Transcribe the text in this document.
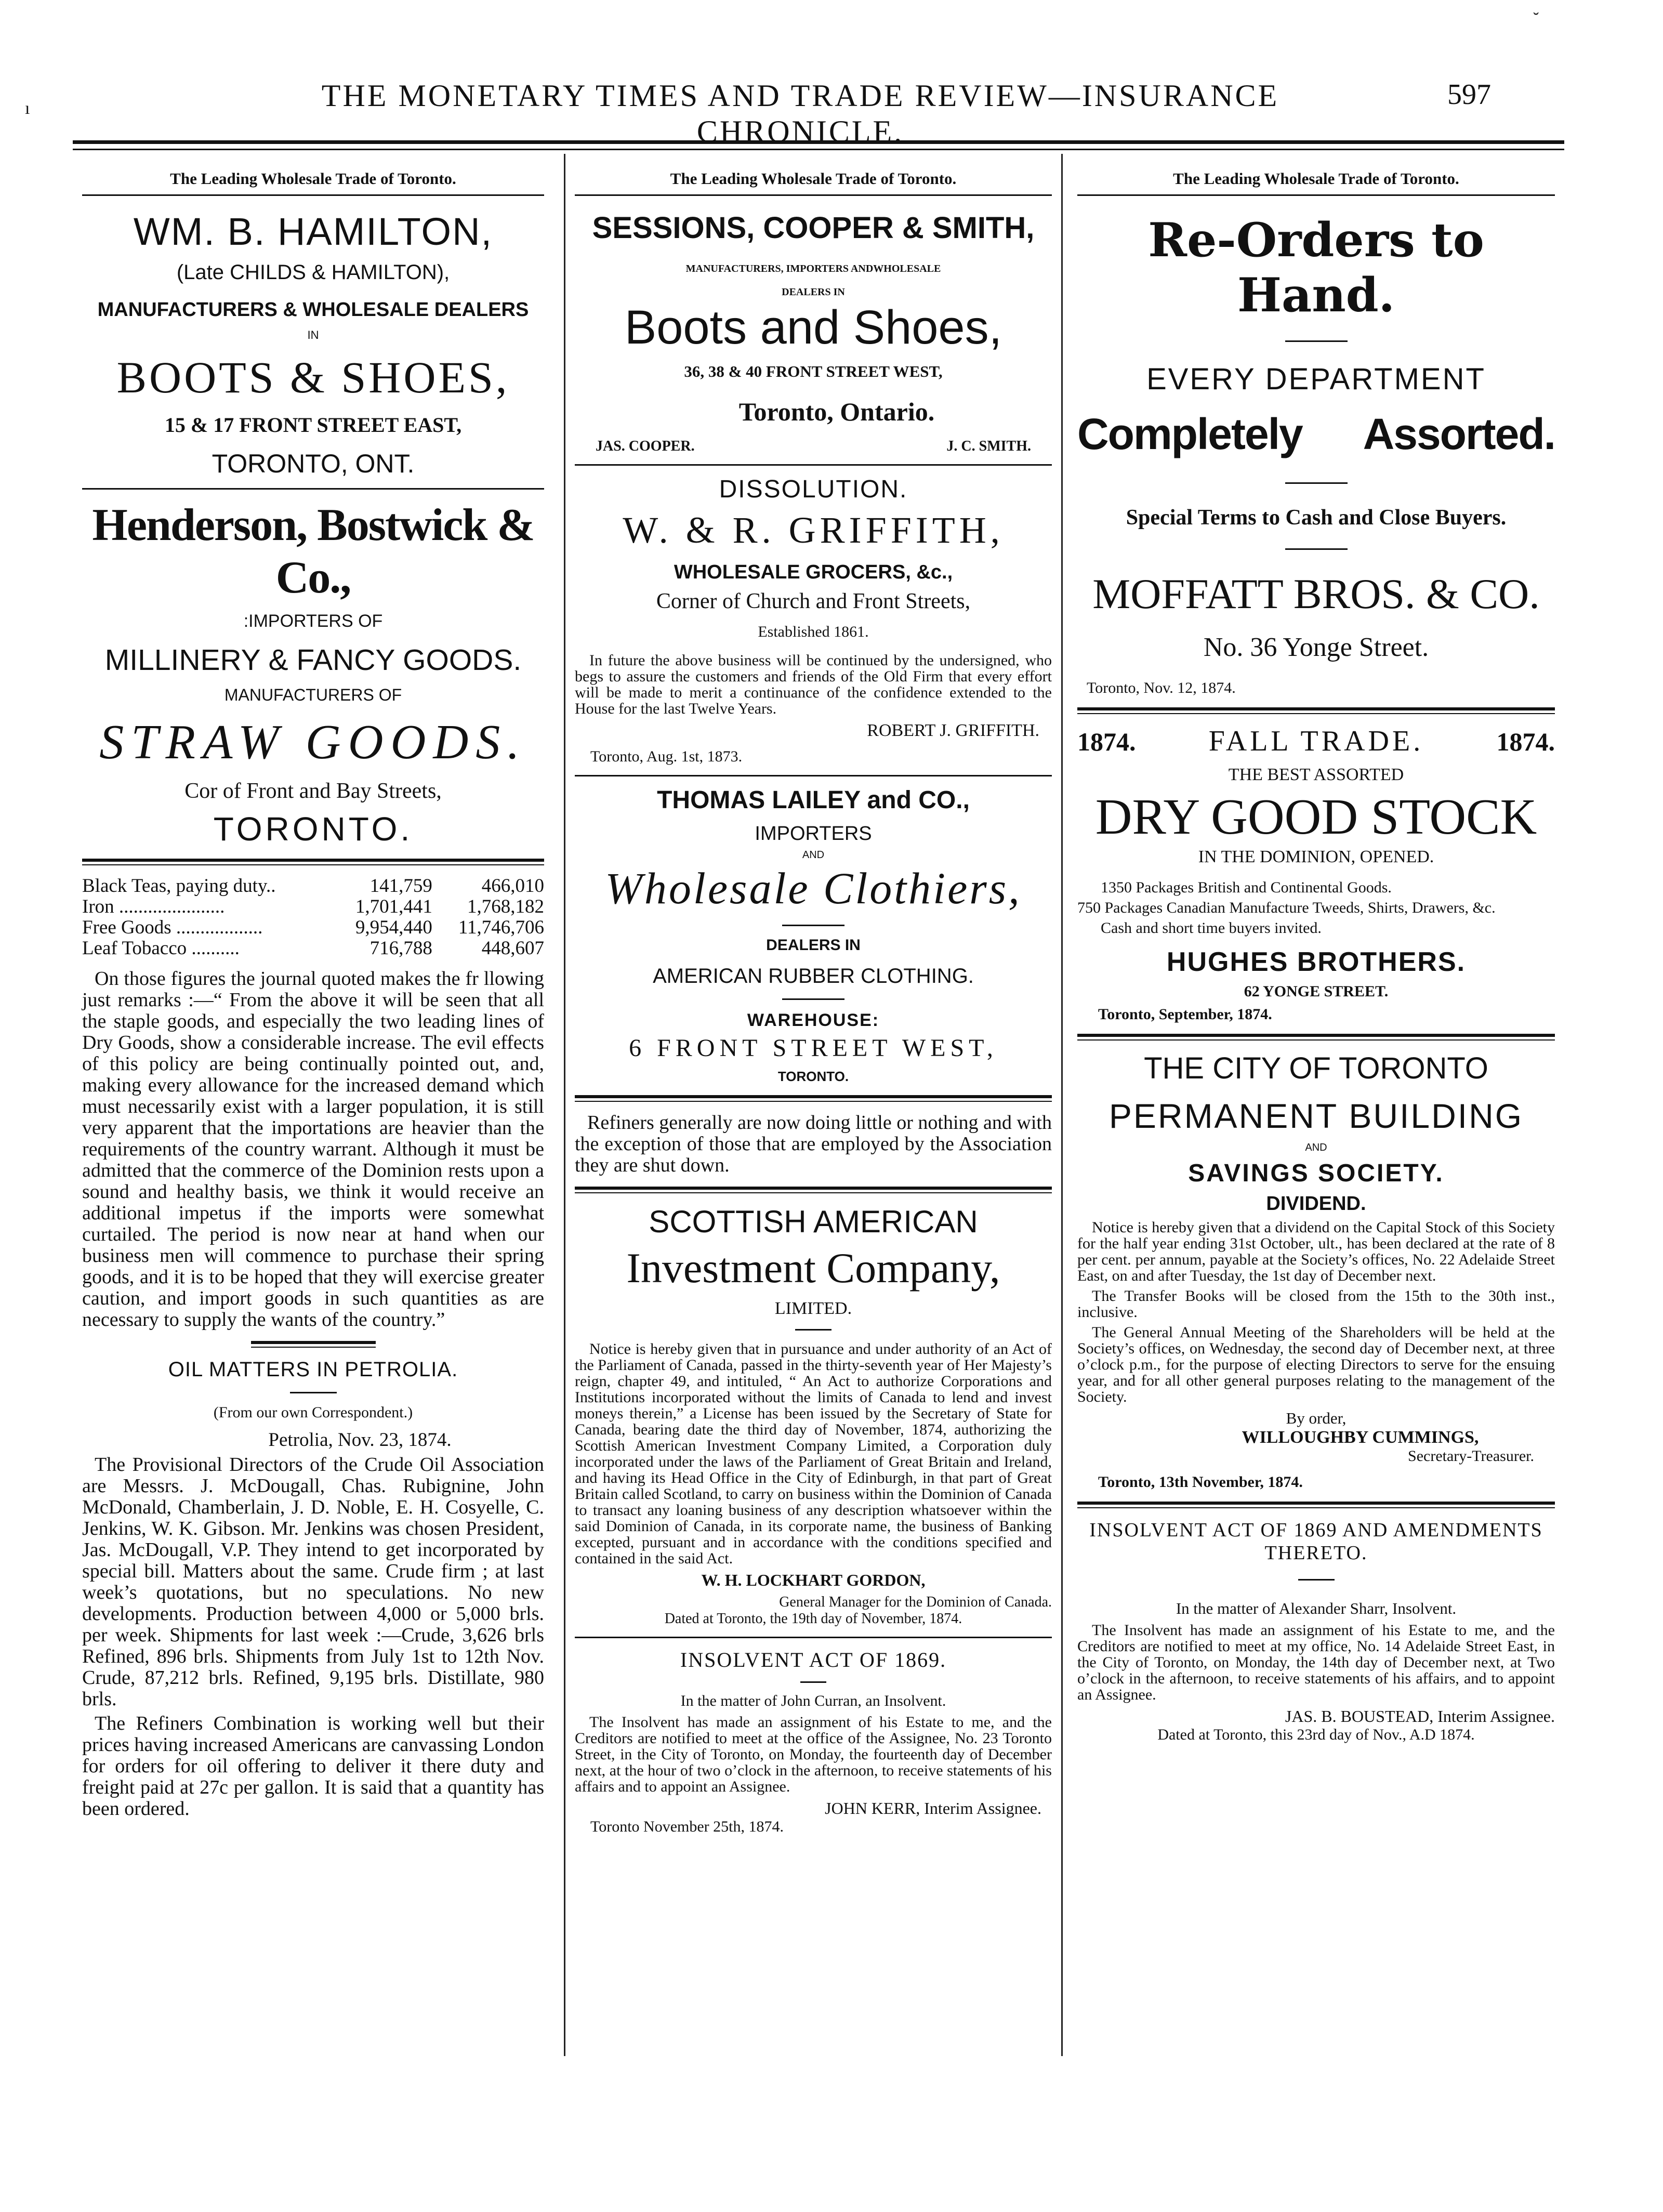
ı
˘
THE MONETARY TIMES AND TRADE REVIEW—INSURANCE CHRONICLE.
597
The Leading Wholesale Trade of Toronto.
WM. B. HAMILTON,
(Late CHILDS & HAMILTON),
MANUFACTURERS & WHOLESALE DEALERS
IN
BOOTS & SHOES,
15 & 17 FRONT STREET EAST,
TORONTO, ONT.
Henderson, Bostwick & Co.,
:IMPORTERS OF
MILLINERY & FANCY GOODS.
MANUFACTURERS OF
STRAW GOODS.
Cor of Front and Bay Streets,
TORONTO.
Black Teas, paying duty..	141,759	466,010
Iron ......................	1,701,441	1,768,182
Free Goods ..................	9,954,440	11,746,706
Leaf Tobacco ..........	716,788	448,607

On those figures the journal quoted makes the fr llowing just remarks :—“ From the above it will be seen that all the staple goods, and especially the two leading lines of Dry Goods, show a considerable increase. The evil effects of this policy are being continually pointed out, and, making every allowance for the increased demand which must necessarily exist with a larger population, it is still very apparent that the importations are heavier than the requirements of the country warrant. Although it must be admitted that the commerce of the Dominion rests upon a sound and healthy basis, we think it would receive an additional impetus if the imports were somewhat curtailed. The period is now near at hand when our business men will commence to purchase their spring goods, and it is to be hoped that they will exercise greater caution, and import goods in such quantities as are necessary to supply the wants of the country.”

OIL MATTERS IN PETROLIA.
(From our own Correspondent.)
Petrolia, Nov. 23, 1874.

The Provisional Directors of the Crude Oil Association are Messrs. J. McDougall, Chas. Rubignine, John McDonald, Chamberlain, J. D. Noble, E. H. Cosyelle, C. Jenkins, W. K. Gibson. Mr. Jenkins was chosen President, Jas. McDougall, V.P. They intend to get incorporated by special bill. Matters about the same. Crude firm ; at last week’s quotations, but no speculations. No new developments. Production between 4,000 or 5,000 brls. per week. Shipments for last week :—Crude, 3,626 brls Refined, 896 brls. Shipments from July 1st to 12th Nov. Crude, 87,212 brls. Refined, 9,195 brls. Distillate, 980 brls.

The Refiners Combination is working well but their prices having increased Americans are canvassing London for orders for oil offering to deliver it there duty and freight paid at 27c per gallon. It is said that a quantity has been ordered.

The Leading Wholesale Trade of Toronto.
SESSIONS, COOPER & SMITH,
MANUFACTURERS, IMPORTERS ANDWHOLESALE
DEALERS IN
Boots and Shoes,
36, 38 & 40 FRONT STREET WEST,
Toronto, Ontario.
JAS. COOPER.	J. C. SMITH.
DISSOLUTION.
W. & R. GRIFFITH,
WHOLESALE GROCERS, &c.,
Corner of Church and Front Streets,
Established 1861.

In future the above business will be continued by the undersigned, who begs to assure the customers and friends of the Old Firm that every effort will be made to merit a continuance of the confidence extended to the House for the last Twelve Years.

ROBERT J. GRIFFITH.
Toronto, Aug. 1st, 1873.
THOMAS LAILEY and CO.,
IMPORTERS
AND
Wholesale Clothiers,
DEALERS IN
AMERICAN RUBBER CLOTHING.
WAREHOUSE:
6 FRONT STREET WEST,
TORONTO.

Refiners generally are now doing little or nothing and with the exception of those that are employed by the Association they are shut down.

SCOTTISH AMERICAN
Investment Company,
LIMITED.

Notice is hereby given that in pursuance and under authority of an Act of the Parliament of Canada, passed in the thirty-seventh year of Her Majesty’s reign, chapter 49, and intituled, “ An Act to authorize Corporations and Institutions incorporated without the limits of Canada to lend and invest moneys therein,” a License has been issued by the Secretary of State for Canada, bearing date the third day of November, 1874, authorizing the Scottish American Investment Company Limited, a Corporation duly incorporated under the laws of the Parliament of Great Britain and Ireland, and having its Head Office in the City of Edinburgh, in that part of Great Britain called Scotland, to carry on business within the Dominion of Canada to transact any loaning business of any description whatsoever within the said Dominion of Canada, in its corporate name, the business of Banking excepted, pursuant and in accordance with the conditions specified and contained in the said Act.

W. H. LOCKHART GORDON,
General Manager for the Dominion of Canada.
Dated at Toronto, the 19th day of November, 1874.
INSOLVENT ACT OF 1869.
In the matter of John Curran, an Insolvent.

The Insolvent has made an assignment of his Estate to me, and the Creditors are notified to meet at the office of the Assignee, No. 23 Toronto Street, in the City of Toronto, on Monday, the fourteenth day of December next, at the hour of two o’clock in the afternoon, to receive statements of his affairs and to appoint an Assignee.

JOHN KERR, Interim Assignee.
Toronto November 25th, 1874.
The Leading Wholesale Trade of Toronto.
Re-Orders to Hand.
EVERY DEPARTMENT
Completely Assorted.
Special Terms to Cash and Close Buyers.
MOFFATT BROS. & CO.
No. 36 Yonge Street.
Toronto, Nov. 12, 1874.
1874.	FALL TRADE.	1874.
THE BEST ASSORTED
DRY GOOD STOCK
IN THE DOMINION, OPENED.
1350 Packages British and Continental Goods.
750 Packages Canadian Manufacture Tweeds, Shirts, Drawers, &c.
Cash and short time buyers invited.
HUGHES BROTHERS.
62 YONGE STREET.
Toronto, September, 1874.
THE CITY OF TORONTO
PERMANENT BUILDING
AND
SAVINGS SOCIETY.
DIVIDEND.

Notice is hereby given that a dividend on the Capital Stock of this Society for the half year ending 31st October, ult., has been declared at the rate of 8 per cent. per annum, payable at the Society’s offices, No. 22 Adelaide Street East, on and after Tuesday, the 1st day of December next.

The Transfer Books will be closed from the 15th to the 30th inst., inclusive.

The General Annual Meeting of the Shareholders will be held at the Society’s offices, on Wednesday, the second day of December next, at three o’clock p.m., for the purpose of electing Directors to serve for the ensuing year, and for all other general purposes relating to the management of the Society.

By order,
WILLOUGHBY CUMMINGS,
Secretary-Treasurer.
Toronto, 13th November, 1874.
INSOLVENT ACT OF 1869 AND AMENDMENTS THERETO.
In the matter of Alexander Sharr, Insolvent.

The Insolvent has made an assignment of his Estate to me, and the Creditors are notified to meet at my office, No. 14 Adelaide Street East, in the City of Toronto, on Monday, the 14th day of December next, at Two o’clock in the afternoon, to receive statements of his affairs, and to appoint an Assignee.

JAS. B. BOUSTEAD, Interim Assignee.
Dated at Toronto, this 23rd day of Nov., A.D 1874.
